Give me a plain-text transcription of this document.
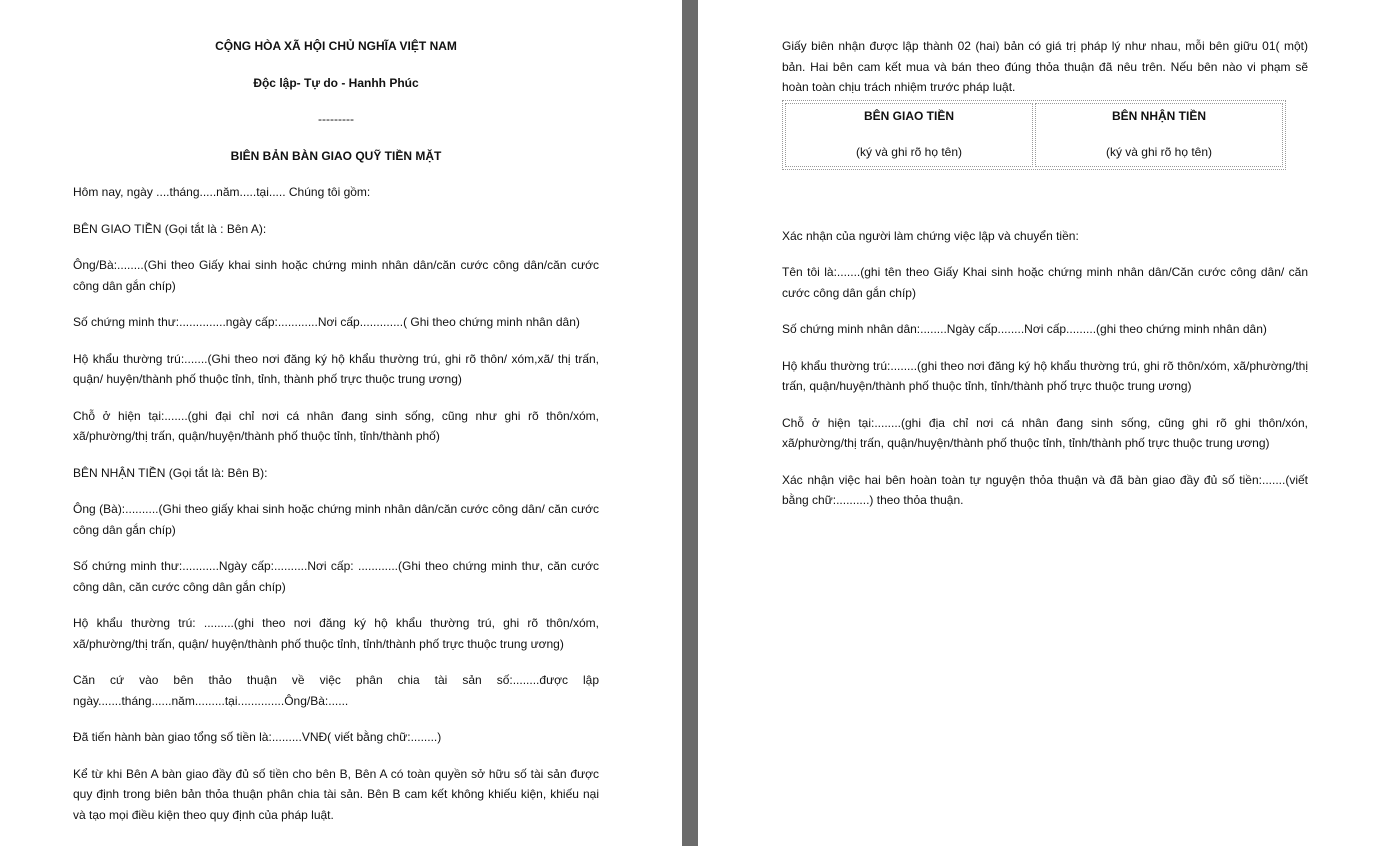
CỘNG HÒA XÃ HỘI CHỦ NGHĨA VIỆT NAM

Độc lập- Tự do - Hanhh Phúc

---------

BIÊN BẢN BÀN GIAO QUỸ TIỀN MẶT

Hôm nay, ngày ....tháng.....năm.....tại..... Chúng tôi gồm:

BÊN GIAO TIỀN (Gọi tắt là : Bên A):

Ông/Bà:........(Ghi theo Giấy khai sinh hoặc chứng minh nhân dân/căn cước công dân/căn cước công dân gắn chíp)

Số chứng minh thư:..............ngày cấp:............Nơi cấp.............( Ghi theo chứng minh nhân dân)

Hộ khẩu thường trú:.......(Ghi theo nơi đăng ký hộ khẩu thường trú, ghi rõ thôn/ xóm,xã/ thị trấn, quận/ huyện/thành phố thuộc tỉnh, tỉnh, thành phố trực thuộc trung ương)

Chỗ ở hiện tại:.......(ghi đại chỉ nơi cá nhân đang sinh sống, cũng như ghi rõ thôn/xóm, xã/phường/thị trấn, quận/huyện/thành phố thuộc tỉnh, tỉnh/thành phố)

BÊN NHẬN TIỀN (Gọi tắt là: Bên B):

Ông (Bà):..........(Ghi theo giấy khai sinh hoặc chứng minh nhân dân/căn cước công dân/ căn cước công dân gắn chíp)

Số chứng minh thư:...........Ngày cấp:..........Nơi cấp: ............(Ghi theo chứng minh thư, căn cước công dân, căn cước công dân gắn chíp)

Hộ khẩu thường trú: .........(ghi theo nơi đăng ký hộ khẩu thường trú, ghi rõ thôn/xóm, xã/phường/thị trấn, quận/ huyện/thành phố thuộc tỉnh, tỉnh/thành phố trực thuộc trung ương)

Căn cứ vào bên thảo thuận về việc phân chia tài sản số:........được lập ngày.......tháng......năm.........tại..............Ông/Bà:......

Đã tiến hành bàn giao tổng số tiền là:.........VNĐ( viết bằng chữ:........)

Kể từ khi Bên A bàn giao đầy đủ số tiền cho bên B, Bên A có toàn quyền sở hữu số tài sản được quy định trong biên bản thỏa thuận phân chia tài sản. Bên B cam kết không khiếu kiện, khiếu nại và tạo mọi điều kiện theo quy định của pháp luật.

Giấy biên nhận được lập thành 02 (hai) bản có giá trị pháp lý như nhau, mỗi bên giữu 01( một) bản. Hai bên cam kết mua và bán theo đúng thỏa thuận đã nêu trên. Nếu bên nào vi phạm sẽ hoàn toàn chịu trách nhiệm trước pháp luật.

BÊN GIAO TIỀN
(ký và ghi rõ họ tên)	
BÊN NHẬN TIỀN
(ký và ghi rõ họ tên)

Xác nhận của người làm chứng việc lập và chuyển tiền:

Tên tôi là:.......(ghi tên theo Giấy Khai sinh hoặc chứng minh nhân dân/Căn cước công dân/ căn cước công dân gắn chíp)

Số chứng minh nhân dân:........Ngày cấp........Nơi cấp.........(ghi theo chứng minh nhân dân)

Hộ khẩu thường trú:........(ghi theo nơi đăng ký hộ khẩu thường trú, ghi rõ thôn/xóm, xã/phường/thị trấn, quận/huyện/thành phố thuộc tỉnh, tỉnh/thành phố trực thuộc trung ương)

Chỗ ở hiện tại:........(ghi địa chỉ nơi cá nhân đang sinh sống, cũng ghi rõ ghi thôn/xón, xã/phường/thị trấn, quận/huyện/thành phố thuộc tỉnh, tỉnh/thành phố trực thuộc trung ương)

Xác nhận việc hai bên hoàn toàn tự nguyện thỏa thuận và đã bàn giao đầy đủ số tiền:.......(viết bằng chữ:..........) theo thỏa thuận.
